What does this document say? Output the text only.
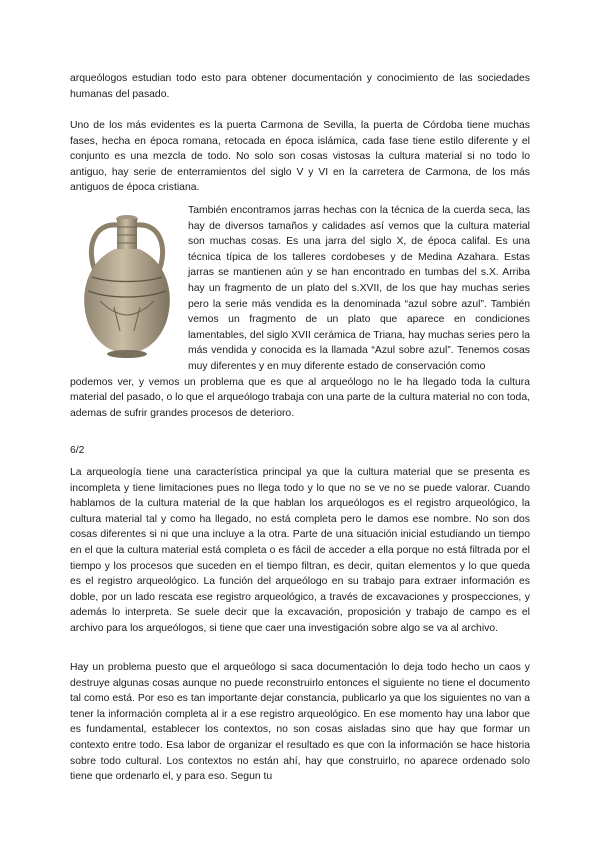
arqueólogos estudian todo esto para obtener documentación y conocimiento de las sociedades humanas del pasado.

Uno de los más evidentes es la puerta Carmona de Sevilla, la puerta de Córdoba tiene muchas fases, hecha en época romana, retocada en época islámica, cada fase tiene estilo diferente y el conjunto es una mezcla de todo. No solo son cosas vistosas la cultura material si no todo lo antiguo, hay serie de enterramientos del siglo V y VI en la carretera de Carmona, de los más antiguos de época cristiana.

También encontramos jarras hechas con la técnica de la cuerda seca, las hay de diversos tamaños y calidades así vemos que la cultura material son muchas cosas. Es una jarra del siglo X, de época califal. Es una técnica típica de los talleres cordobeses y de Medina Azahara. Estas jarras se mantienen aún y se han encontrado en tumbas del s.X. Arriba hay un fragmento de un plato del s.XVII, de los que hay muchas series pero la serie más vendida es la denominada “azul sobre azul”. También vemos un fragmento de un plato que aparece en condiciones lamentables, del siglo XVII cerámica de Triana, hay muchas series pero la más vendida y conocida es la llamada “Azul sobre azul”. Tenemos cosas muy diferentes y en muy diferente estado de conservación como

podemos ver, y vemos un problema que es que al arqueólogo no le ha llegado toda la cultura material del pasado, o lo que el arqueólogo trabaja con una parte de la cultura material no con toda, ademas de sufrir grandes procesos de deterioro.

6/2

La arqueología tiene una característica principal ya que la cultura material que se presenta es incompleta y tiene limitaciones pues no llega todo y lo que no se ve no se puede valorar. Cuando hablamos de la cultura material de la que hablan los arqueólogos es el registro arqueológico, la cultura material tal y como ha llegado, no está completa pero le damos ese nombre. No son dos cosas diferentes si ni que una incluye a la otra. Parte de una situación inicial estudiando un tiempo en el que la cultura material está completa o es fácil de acceder a ella porque no está filtrada por el tiempo y los procesos que suceden en el tiempo filtran, es decir, quitan elementos y lo que queda es el registro arqueológico. La función del arqueólogo en su trabajo para extraer información es doble, por un lado rescata ese registro arqueológico, a través de excavaciones y prospecciones, y además lo interpreta. Se suele decir que la excavación, proposición y trabajo de campo es el archivo para los arqueólogos, si tiene que caer una investigación sobre algo se va al archivo.

Hay un problema puesto que el arqueólogo si saca documentación lo deja todo hecho un caos y destruye algunas cosas aunque no puede reconstruirlo entonces el siguiente no tiene el documento tal como está. Por eso es tan importante dejar constancia, publicarlo ya que los siguientes no van a tener la información completa al ir a ese registro arqueológico. En ese momento hay una labor que es fundamental, establecer los contextos, no son cosas aisladas sino que hay que formar un contexto entre todo. Esa labor de organizar el resultado es que con la información se hace historia sobre todo cultural. Los contextos no están ahí, hay que construirlo, no aparece ordenado solo tiene que ordenarlo el, y para eso. Segun tu
